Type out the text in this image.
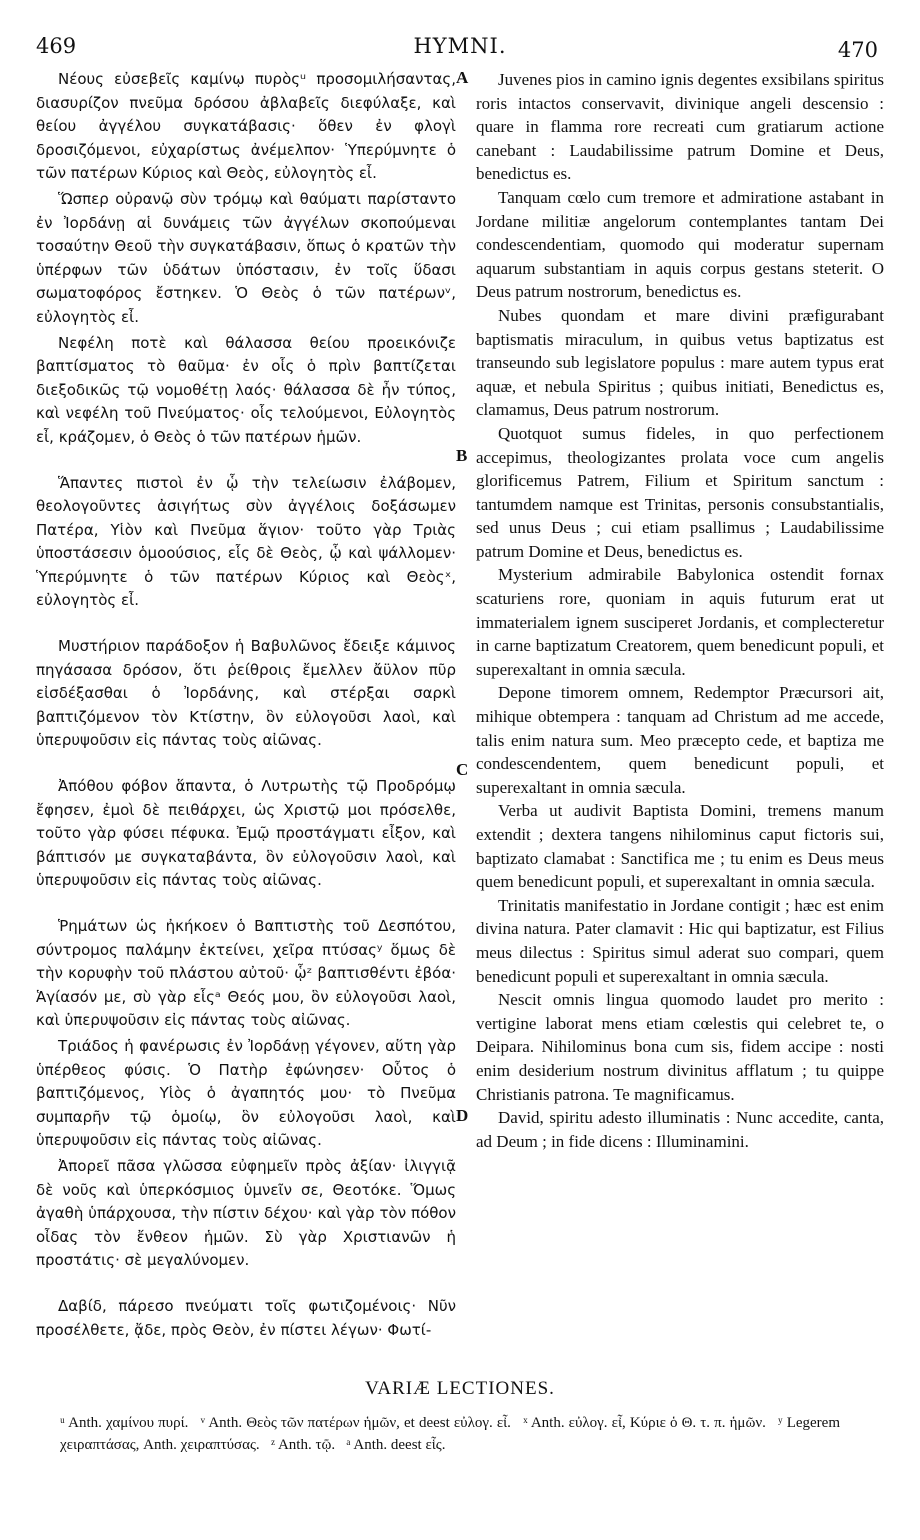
469	HYMNI.	470

Νέους εὐσεβεῖς καμίνῳ πυρὸςᵘ προσομιλήσαντας, διασυρίζον πνεῦμα δρόσου ἀβλαβεῖς διεφύλαξε, καὶ θείου ἀγγέλου συγκατάβασις· ὅθεν ἐν φλογὶ δροσιζόμενοι, εὐχαρίστως ἀνέμελπον· Ὑπερύμνητε ὁ τῶν πατέρων Κύριος καὶ Θεὸς, εὐλογητὸς εἶ.

Ὥσπερ οὐρανῷ σὺν τρόμῳ καὶ θαύματι παρίσταντο ἐν Ἰορδάνῃ αἱ δυνάμεις τῶν ἀγγέλων σκοπούμεναι τοσαύτην Θεοῦ τὴν συγκατάβασιν, ὅπως ὁ κρατῶν τὴν ὑπέρφων τῶν ὑδάτων ὑπόστασιν, ἐν τοῖς ὕδασι σωματοφόρος ἔστηκεν. Ὁ Θεὸς ὁ τῶν πατέρωνᵛ, εὐλογητὸς εἶ.

Νεφέλη ποτὲ καὶ θάλασσα θείου προεικόνιζε βαπτίσματος τὸ θαῦμα· ἐν οἷς ὁ πρὶν βαπτίζεται διεξοδικῶς τῷ νομοθέτῃ λαός· θάλασσα δὲ ἦν τύπος, καὶ νεφέλη τοῦ Πνεύματος· οἷς τελούμενοι, Εὐλογητὸς εἶ, κράζομεν, ὁ Θεὸς ὁ τῶν πατέρων ἡμῶν.

Ἅπαντες πιστοὶ ἐν ᾧ τὴν τελείωσιν ἐλάβομεν, θεολογοῦντες ἀσιγήτως σὺν ἀγγέλοις δοξάσωμεν Πατέρα, Υἱὸν καὶ Πνεῦμα ἅγιον· τοῦτο γὰρ Τριὰς ὑποστάσεσιν ὁμοούσιος, εἷς δὲ Θεὸς, ᾧ καὶ ψάλλομεν· Ὑπερύμνητε ὁ τῶν πατέρων Κύριος καὶ Θεὸςˣ, εὐλογητὸς εἶ.

Μυστήριον παράδοξον ἡ Βαβυλῶνος ἔδειξε κάμινος πηγάσασα δρόσον, ὅτι ῥείθροις ἔμελλεν ἄϋλον πῦρ εἰσδέξασθαι ὁ Ἰορδάνης, καὶ στέρξαι σαρκὶ βαπτιζόμενον τὸν Κτίστην, ὃν εὐλογοῦσι λαοὶ, καὶ ὑπερυψοῦσιν εἰς πάντας τοὺς αἰῶνας.

Ἀπόθου φόβον ἅπαντα, ὁ Λυτρωτὴς τῷ Προδρόμῳ ἔφησεν, ἐμοὶ δὲ πειθάρχει, ὡς Χριστῷ μοι πρόσελθε, τοῦτο γὰρ φύσει πέφυκα. Ἐμῷ προστάγματι εἶξον, καὶ βάπτισόν με συγκαταβάντα, ὃν εὐλογοῦσιν λαοὶ, καὶ ὑπερυψοῦσιν εἰς πάντας τοὺς αἰῶνας.

Ῥημάτων ὡς ἠκήκοεν ὁ Βαπτιστὴς τοῦ Δεσπότου, σύντρομος παλάμην ἐκτείνει, χεῖρα πτύσαςʸ ὅμως δὲ τὴν κορυφὴν τοῦ πλάστου αὐτοῦ· ᾧᶻ βαπτισθέντι ἐβόα· Ἁγίασόν με, σὺ γὰρ εἷςᵃ Θεός μου, ὃν εὐλογοῦσι λαοὶ, καὶ ὑπερυψοῦσιν εἰς πάντας τοὺς αἰῶνας.

Τριάδος ἡ φανέρωσις ἐν Ἰορδάνῃ γέγονεν, αὕτη γὰρ ὑπέρθεος φύσις. Ὁ Πατὴρ ἐφώνησεν· Οὗτος ὁ βαπτιζόμενος, Υἱὸς ὁ ἀγαπητός μου· τὸ Πνεῦμα συμπαρῆν τῷ ὁμοίῳ, ὃν εὐλογοῦσι λαοὶ, καὶ ὑπερυψοῦσιν εἰς πάντας τοὺς αἰῶνας.

Ἀπορεῖ πᾶσα γλῶσσα εὐφημεῖν πρὸς ἀξίαν· ἰλιγγιᾷ δὲ νοῦς καὶ ὑπερκόσμιος ὑμνεῖν σε, Θεοτόκε. Ὅμως ἀγαθὴ ὑπάρχουσα, τὴν πίστιν δέχου· καὶ γὰρ τὸν πόθον οἶδας τὸν ἔνθεον ἡμῶν. Σὺ γὰρ Χριστιανῶν ἡ προστάτις· σὲ μεγαλύνομεν.

Δαβίδ, πάρεσο πνεύματι τοῖς φωτιζομένοις· Νῦν προσέλθετε, ᾄδε, πρὸς Θεὸν, ἐν πίστει λέγων· Φωτί-

Juvenes pios in camino ignis degentes exsibilans spiritus roris intactos conservavit, divinique angeli descensio : quare in flamma rore recreati cum gratiarum actione canebant : Laudabilissime patrum Domine et Deus, benedictus es.

Tanquam cœlo cum tremore et admiratione astabant in Jordane militiæ angelorum contemplantes tantam Dei condescendentiam, quomodo qui moderatur supernam aquarum substantiam in aquis corpus gestans steterit. O Deus patrum nostrorum, benedictus es.

Nubes quondam et mare divini præfigurabant baptismatis miraculum, in quibus vetus baptizatus est transeundo sub legislatore populus : mare autem typus erat aquæ, et nebula Spiritus ; quibus initiati, Benedictus es, clamamus, Deus patrum nostrorum.

Quotquot sumus fideles, in quo perfectionem accepimus, theologizantes prolata voce cum angelis glorificemus Patrem, Filium et Spiritum sanctum : tantumdem namque est Trinitas, personis consubstantialis, sed unus Deus ; cui etiam psallimus ; Laudabilissime patrum Domine et Deus, benedictus es.

Mysterium admirabile Babylonica ostendit fornax scaturiens rore, quoniam in aquis futurum erat ut immaterialem ignem susciperet Jordanis, et complecteretur in carne baptizatum Creatorem, quem benedicunt populi, et superexaltant in omnia sæcula.

Depone timorem omnem, Redemptor Præcursori ait, mihique obtempera : tanquam ad Christum ad me accede, talis enim natura sum. Meo præcepto cede, et baptiza me condescendentem, quem benedicunt populi, et superexaltant in omnia sæcula.

Verba ut audivit Baptista Domini, tremens manum extendit ; dextera tangens nihilominus caput fictoris sui, baptizato clamabat : Sanctifica me ; tu enim es Deus meus quem benedicunt populi, et superexaltant in omnia sæcula.

Trinitatis manifestatio in Jordane contigit ; hæc est enim divina natura. Pater clamavit : Hic qui baptizatur, est Filius meus dilectus : Spiritus simul aderat suo compari, quem benedicunt populi et superexaltant in omnia sæcula.

Nescit omnis lingua quomodo laudet pro merito : vertigine laborat mens etiam cœlestis qui celebret te, o Deipara. Nihilominus bona cum sis, fidem accipe : nosti enim desiderium nostrum divinitus afflatum ; tu quippe Christianis patrona. Te magnificamus.

David, spiritu adesto illuminatis : Nunc accedite, canta, ad Deum ; in fide dicens : Illuminamini.

A
B
C
D
VARIÆ LECTIONES.
ᵘ Anth. χαμίνου πυρί. ᵛ Anth. Θεὸς τῶν πατέρων ἡμῶν, et deest εὐλογ. εἶ. ˣ Anth. εὐλογ. εἶ, Κύριε ὁ Θ. τ. π. ἡμῶν. ʸ Legerem χειραπτάσας, Anth. χειραπτύσας. ᶻ Anth. τῷ. ᵃ Anth. deest εἷς.
